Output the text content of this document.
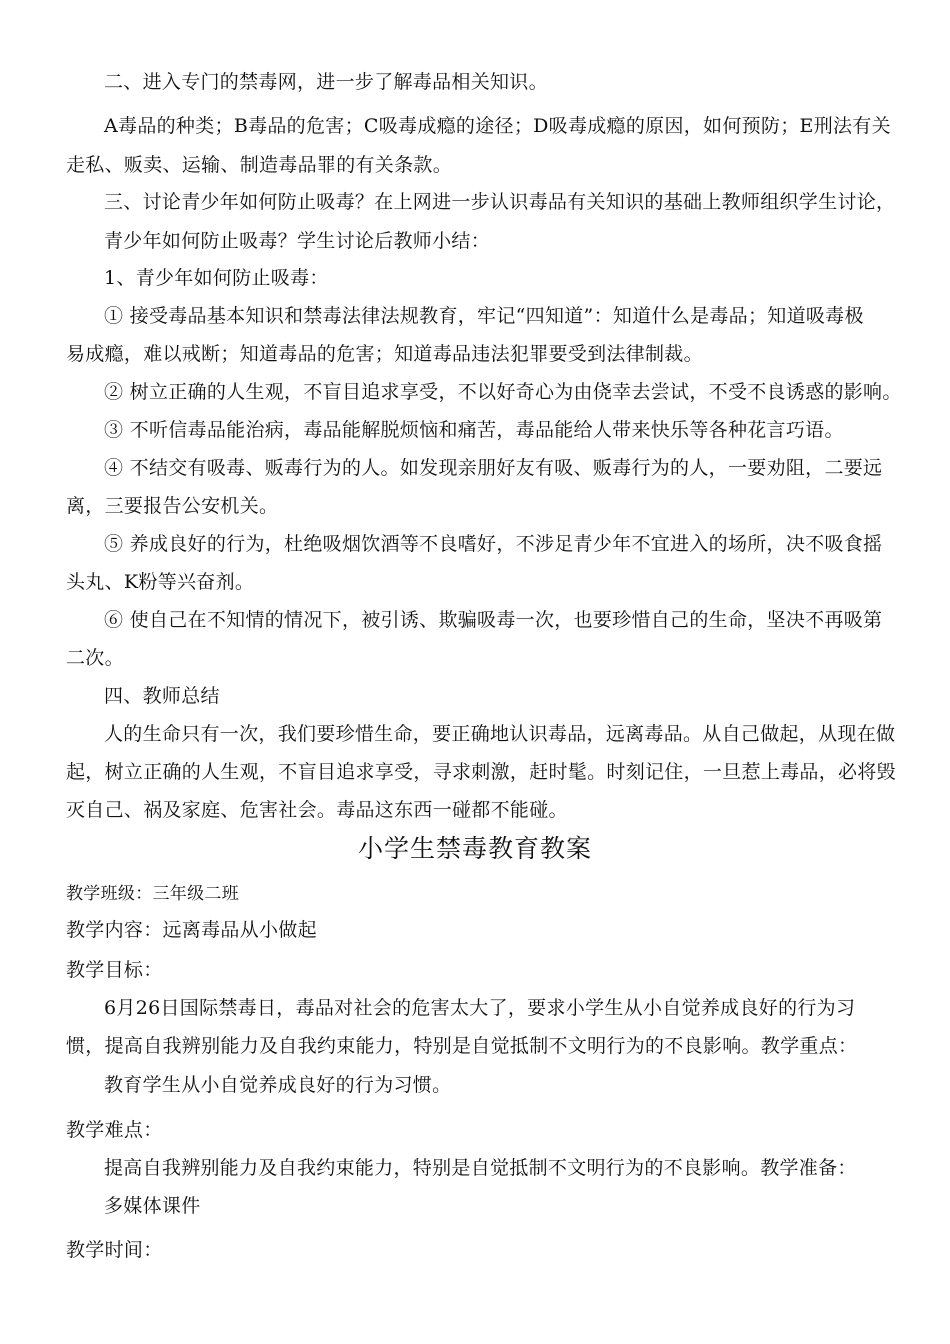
二、进入专门的禁毒网，进一步了解毒品相关知识。
A毒品的种类；B毒品的危害；C吸毒成瘾的途径；D吸毒成瘾的原因，如何预防；E刑法有关
走私、贩卖、运输、制造毒品罪的有关条款。
三、讨论青少年如何防止吸毒？在上网进一步认识毒品有关知识的基础上教师组织学生讨论，
青少年如何防止吸毒？学生讨论后教师小结：
1、青少年如何防止吸毒：
① 接受毒品基本知识和禁毒法律法规教育，牢记“四知道”：知道什么是毒品；知道吸毒极
易成瘾，难以戒断；知道毒品的危害；知道毒品违法犯罪要受到法律制裁。
② 树立正确的人生观，不盲目追求享受，不以好奇心为由侥幸去尝试，不受不良诱惑的影响。
③ 不听信毒品能治病，毒品能解脱烦恼和痛苦，毒品能给人带来快乐等各种花言巧语。
④ 不结交有吸毒、贩毒行为的人。如发现亲朋好友有吸、贩毒行为的人，一要劝阻，二要远
离，三要报告公安机关。
⑤ 养成良好的行为，杜绝吸烟饮酒等不良嗜好，不涉足青少年不宜进入的场所，决不吸食摇
头丸、K粉等兴奋剂。
⑥ 使自己在不知情的情况下，被引诱、欺骗吸毒一次，也要珍惜自己的生命，坚决不再吸第
二次。
四、教师总结
人的生命只有一次，我们要珍惜生命，要正确地认识毒品，远离毒品。从自己做起，从现在做
起，树立正确的人生观，不盲目追求享受，寻求刺激，赶时髦。时刻记住，一旦惹上毒品，必将毁
灭自己、祸及家庭、危害社会。毒品这东西一碰都不能碰。
小学生禁毒教育教案
教学班级：三年级二班
教学内容：远离毒品从小做起
教学目标：
6月26日国际禁毒日，毒品对社会的危害太大了，要求小学生从小自觉养成良好的行为习
惯，提高自我辨别能力及自我约束能力，特别是自觉抵制不文明行为的不良影响。教学重点：
教育学生从小自觉养成良好的行为习惯。
教学难点：
提高自我辨别能力及自我约束能力，特别是自觉抵制不文明行为的不良影响。教学准备：
多媒体课件
教学时间：
